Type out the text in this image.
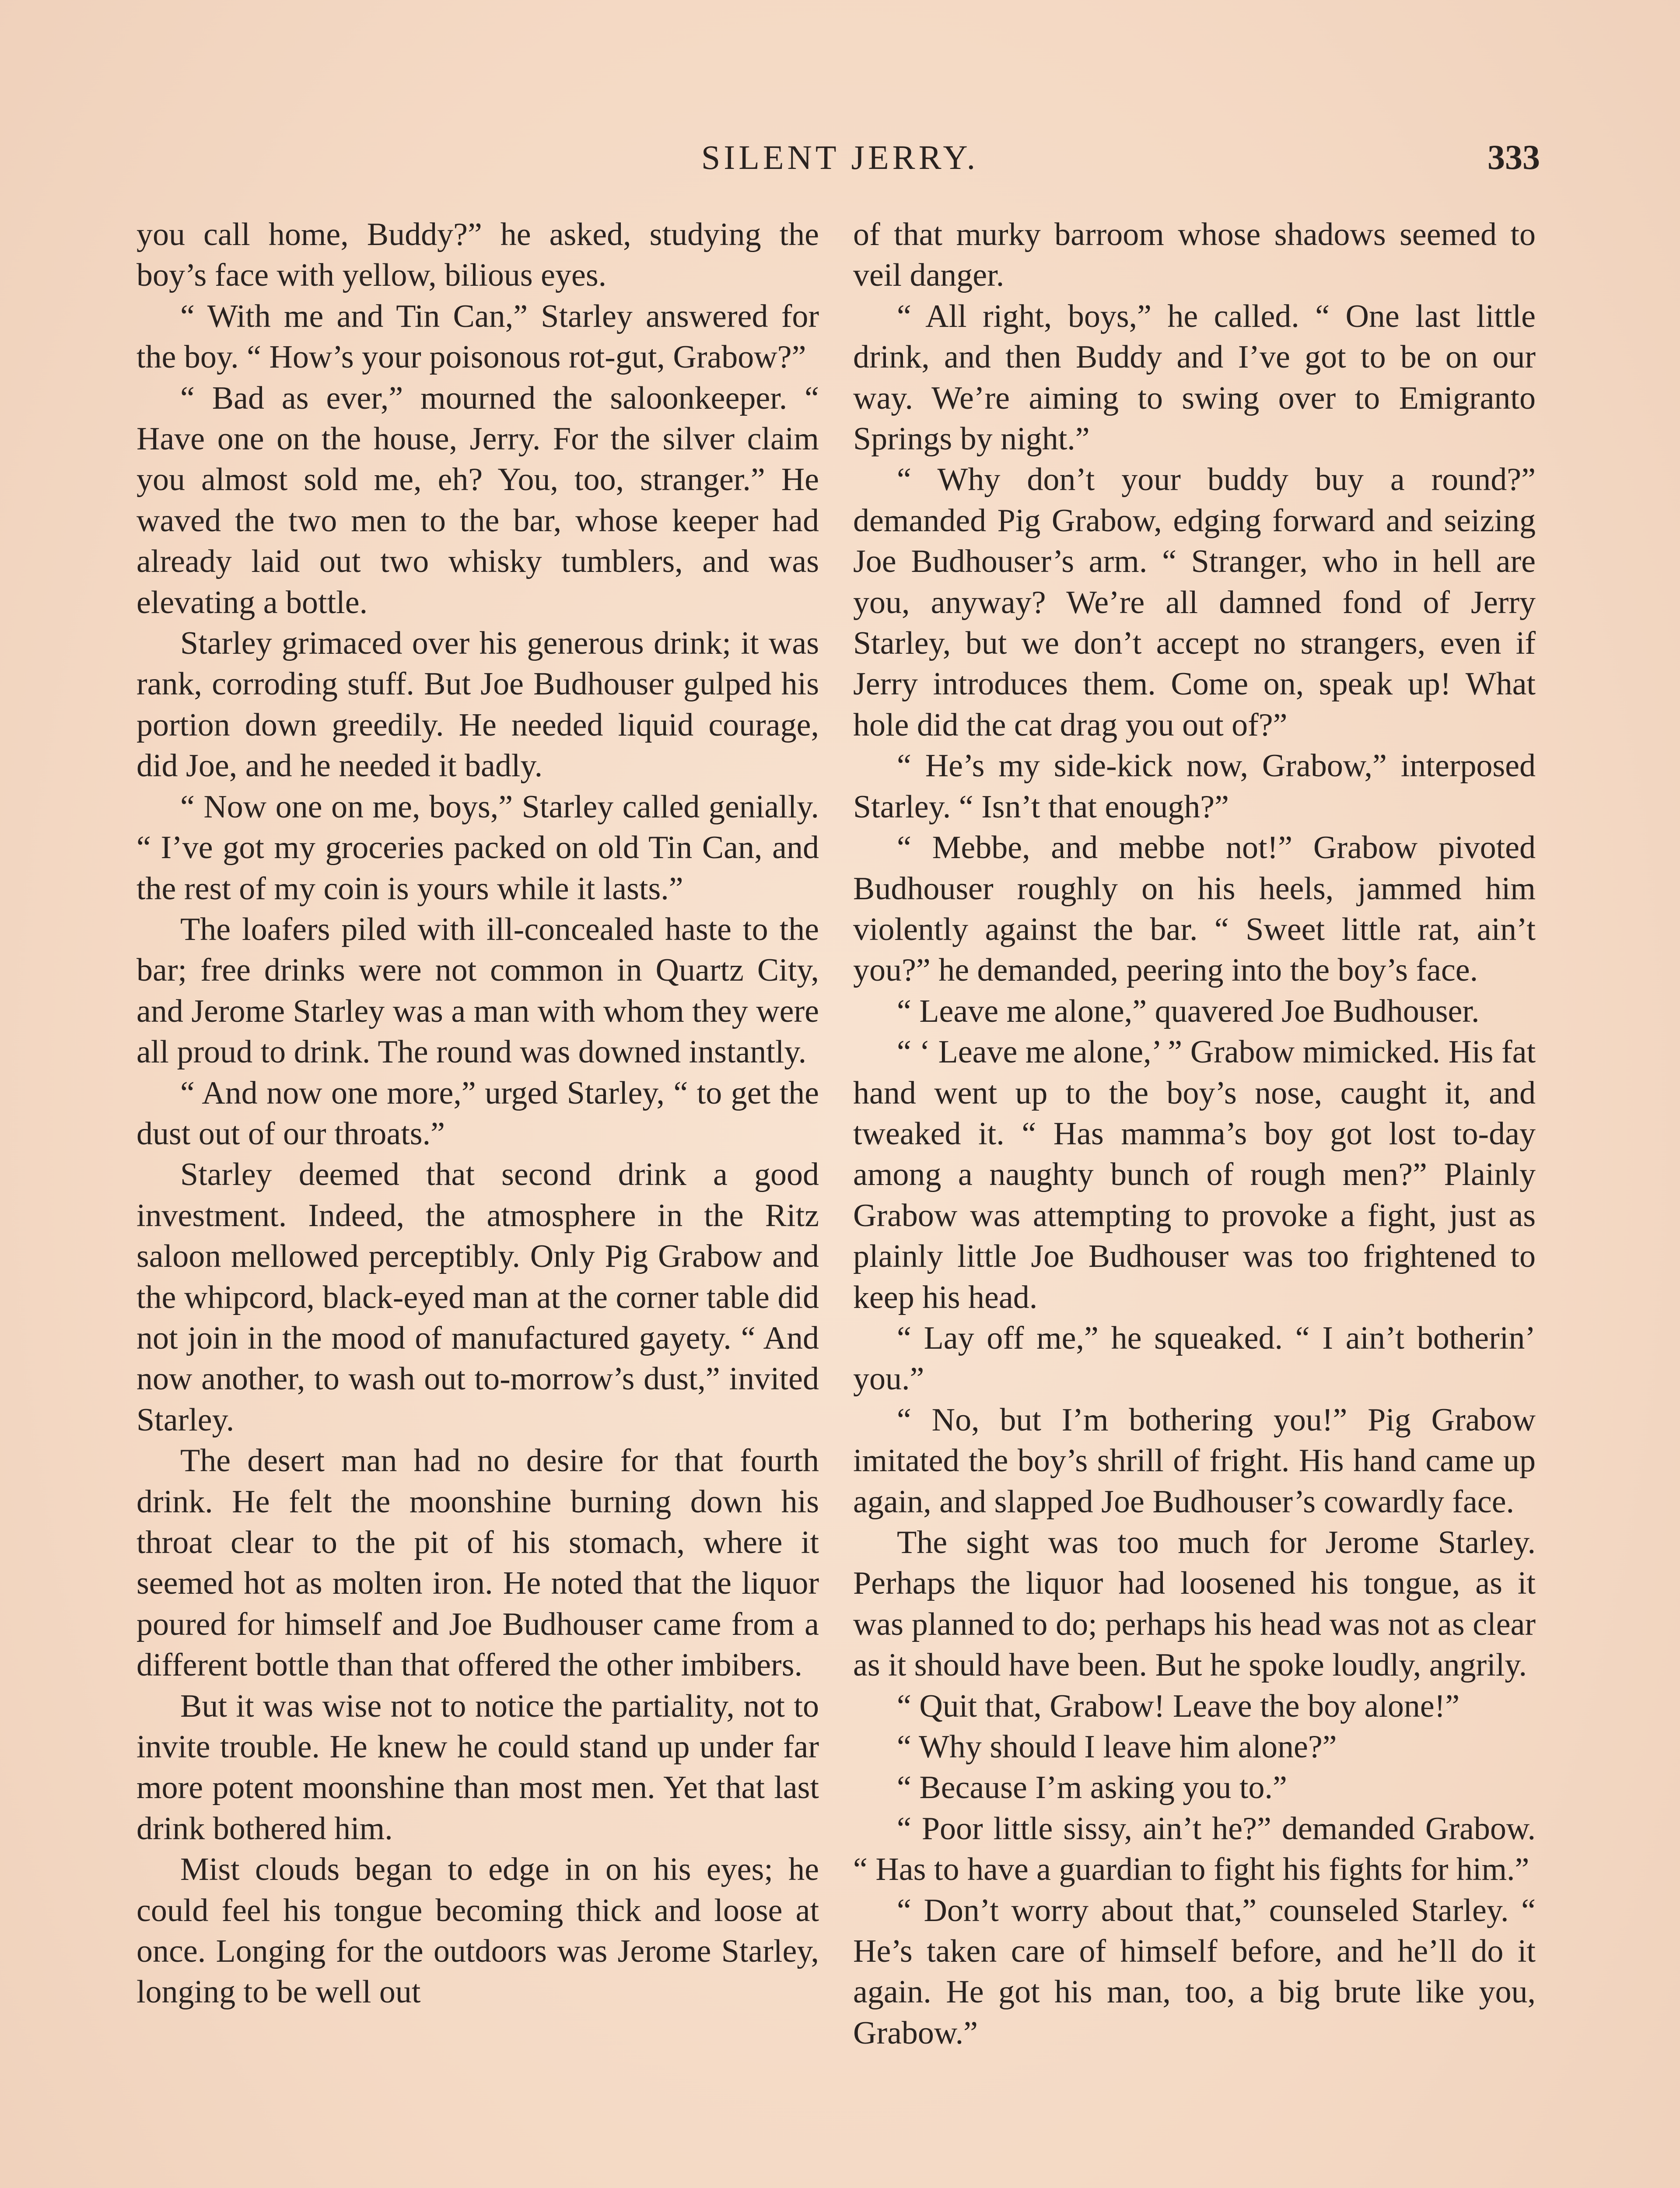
SILENT JERRY.	333

you call home, Buddy?” he asked, studying the boy’s face with yellow, bilious eyes.

“ With me and Tin Can,” Starley answered for the boy. “ How’s your poisonous rot-gut, Grabow?”

“ Bad as ever,” mourned the saloonkeeper. “ Have one on the house, Jerry. For the silver claim you almost sold me, eh? You, too, stranger.” He waved the two men to the bar, whose keeper had already laid out two whisky tumblers, and was elevating a bottle.

Starley grimaced over his generous drink; it was rank, corroding stuff. But Joe Budhouser gulped his portion down greedily. He needed liquid courage, did Joe, and he needed it badly.

“ Now one on me, boys,” Starley called genially. “ I’ve got my groceries packed on old Tin Can, and the rest of my coin is yours while it lasts.”

The loafers piled with ill-concealed haste to the bar; free drinks were not common in Quartz City, and Jerome Starley was a man with whom they were all proud to drink. The round was downed instantly.

“ And now one more,” urged Starley, “ to get the dust out of our throats.”

Starley deemed that second drink a good investment. Indeed, the atmosphere in the Ritz saloon mellowed perceptibly. Only Pig Grabow and the whipcord, black-eyed man at the corner table did not join in the mood of manufactured gayety. “ And now another, to wash out to-morrow’s dust,” invited Starley.

The desert man had no desire for that fourth drink. He felt the moonshine burning down his throat clear to the pit of his stomach, where it seemed hot as molten iron. He noted that the liquor poured for himself and Joe Budhouser came from a different bottle than that offered the other imbibers.

But it was wise not to notice the partiality, not to invite trouble. He knew he could stand up under far more potent moonshine than most men. Yet that last drink bothered him.

Mist clouds began to edge in on his eyes; he could feel his tongue becoming thick and loose at once. Longing for the outdoors was Jerome Starley, longing to be well out

of that murky barroom whose shadows seemed to veil danger.

“ All right, boys,” he called. “ One last little drink, and then Buddy and I’ve got to be on our way. We’re aiming to swing over to Emigranto Springs by night.”

“ Why don’t your buddy buy a round?” demanded Pig Grabow, edging forward and seizing Joe Budhouser’s arm. “ Stranger, who in hell are you, anyway? We’re all damned fond of Jerry Starley, but we don’t accept no strangers, even if Jerry introduces them. Come on, speak up! What hole did the cat drag you out of?”

“ He’s my side-kick now, Grabow,” interposed Starley. “ Isn’t that enough?”

“ Mebbe, and mebbe not!” Grabow pivoted Budhouser roughly on his heels, jammed him violently against the bar. “ Sweet little rat, ain’t you?” he demanded, peering into the boy’s face.

“ Leave me alone,” quavered Joe Budhouser.

“ ‘ Leave me alone,’ ” Grabow mimicked. His fat hand went up to the boy’s nose, caught it, and tweaked it. “ Has mamma’s boy got lost to-day among a naughty bunch of rough men?” Plainly Grabow was attempting to provoke a fight, just as plainly little Joe Budhouser was too frightened to keep his head.

“ Lay off me,” he squeaked. “ I ain’t botherin’ you.”

“ No, but I’m bothering you!” Pig Grabow imitated the boy’s shrill of fright. His hand came up again, and slapped Joe Budhouser’s cowardly face.

The sight was too much for Jerome Starley. Perhaps the liquor had loosened his tongue, as it was planned to do; perhaps his head was not as clear as it should have been. But he spoke loudly, angrily.

“ Quit that, Grabow! Leave the boy alone!”

“ Why should I leave him alone?”

“ Because I’m asking you to.”

“ Poor little sissy, ain’t he?” demanded Grabow. “ Has to have a guardian to fight his fights for him.”

“ Don’t worry about that,” counseled Starley. “ He’s taken care of himself before, and he’ll do it again. He got his man, too, a big brute like you, Grabow.”
